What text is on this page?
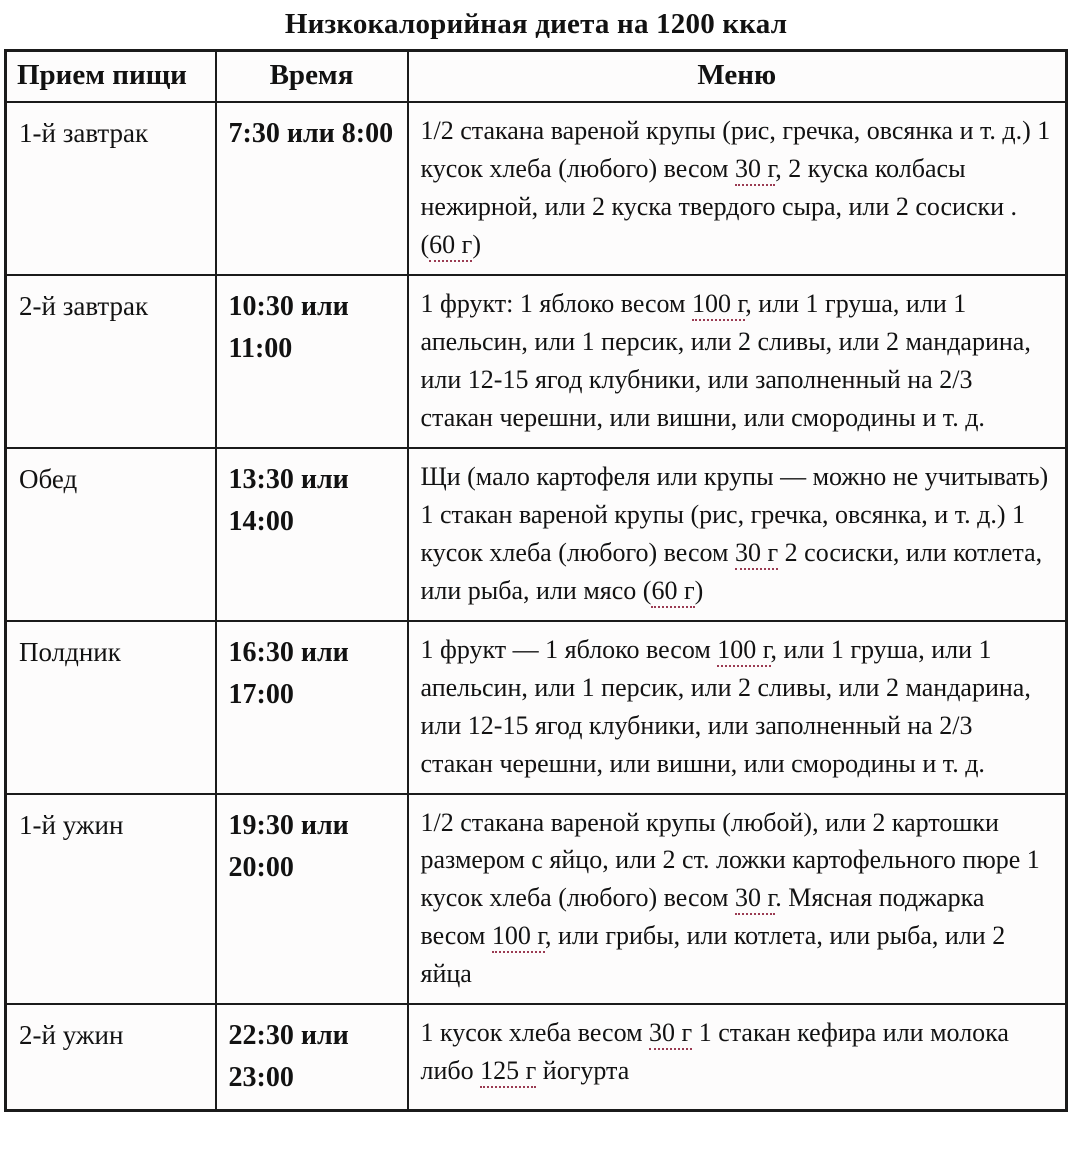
Низкокалорийная диета на 1200 ккал
Прием пищи	Время	Меню
1-й завтрак	7:30 или 8:00	1/2 стакана вареной крупы (рис, гречка, овсянка и т. д.) 1 кусок хлеба (любого) весом 30 г, 2 куска колбасы нежирной, или 2 куска твердого сыра, или 2 сосиски .(60 г)
2-й завтрак	10:30 или 11:00	1 фрукт: 1 яблоко весом 100 г, или 1 груша, или 1 апельсин, или 1 персик, или 2 сливы, или 2 мандарина, или 12-15 ягод клубники, или заполненный на 2/3 стакан черешни, или вишни, или смородины и т. д.
Обед	13:30 или 14:00	Щи (мало картофеля или крупы — можно не учитывать) 1 стакан вареной крупы (рис, гречка, овсянка, и т. д.) 1 кусок хлеба (любого) весом 30 г 2 сосиски, или котлета, или рыба, или мясо (60 г)
Полдник	16:30 или 17:00	1 фрукт — 1 яблоко весом 100 г, или 1 груша, или 1 апельсин, или 1 персик, или 2 сливы, или 2 мандарина, или 12-15 ягод клубники, или заполненный на 2/3 стакан черешни, или вишни, или смородины и т. д.
1-й ужин	19:30 или 20:00	1/2 стакана вареной крупы (любой), или 2 картошки размером с яйцо, или 2 ст. ложки картофельного пюре 1 кусок хлеба (любого) весом 30 г. Мясная поджарка весом 100 г, или грибы, или котлета, или рыба, или 2 яйца
2-й ужин	22:30 или 23:00	1 кусок хлеба весом 30 г 1 стакан кефира или молока либо 125 г йогурта
